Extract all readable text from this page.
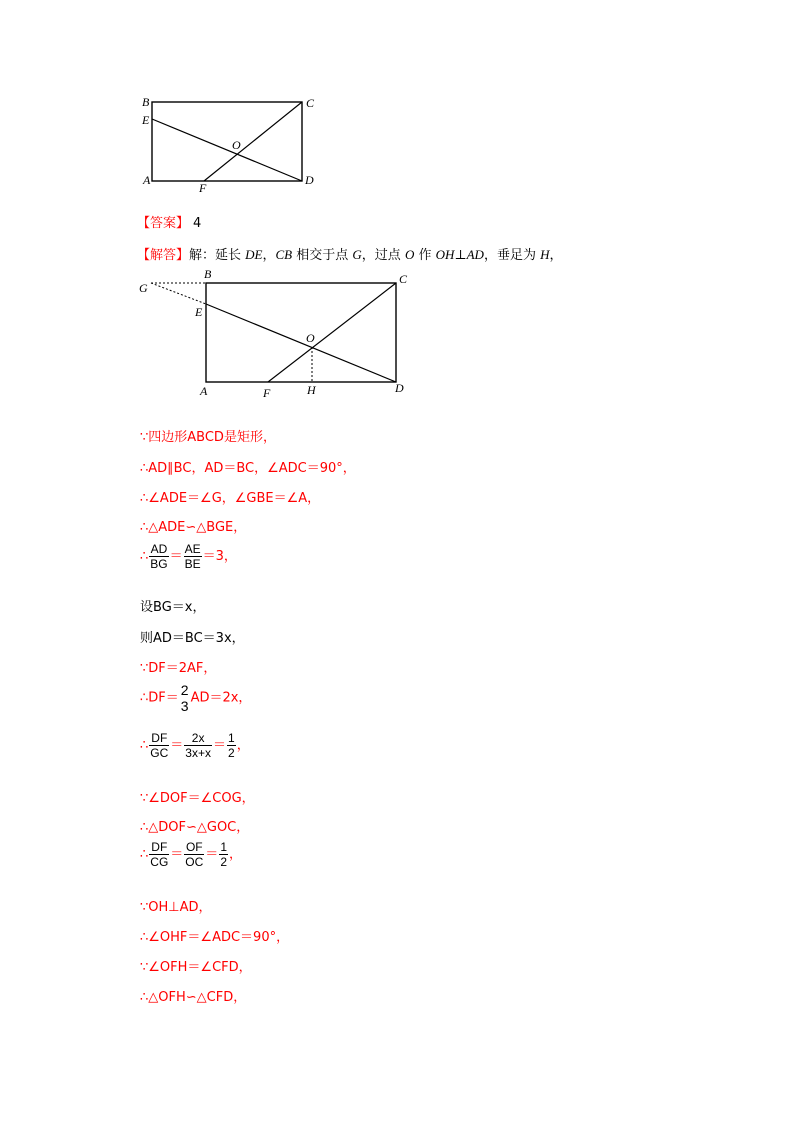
B
E
C
O
A
F
D
【答案】 4
【解答】解：延长 DE，CB 相交于点 G，过点 O 作 OH⊥AD，垂足为 H，
G
B	C
E
O
A	F	H	D
∵四边形ABCD是矩形，
∴AD∥BC，AD＝BC，∠ADC＝90°，
∴∠ADE＝∠G，∠GBE＝∠A，
∴△ADE∽△BGE，
∴ $\frac{AD}{BG} = \frac{AE}{BE} =3$，
设BG＝x，
则AD＝BC＝3x，
∵DF＝2AF，
∴DF＝ 2
3 AD＝2x，
∴ $\frac{DF}{GC} = \frac{2x}{3x+x} = \frac{1}{2}$ ，
∵∠DOF＝∠COG，
∴△DOF∽△GOC，
∴ $\frac{DF}{CG} = \frac{OF}{OC} = \frac{1}{2}$ ，
∵OH⊥AD，
∴∠OHF＝∠ADC＝90°，
∵∠OFH＝∠CFD，
∴△OFH∽△CFD，
